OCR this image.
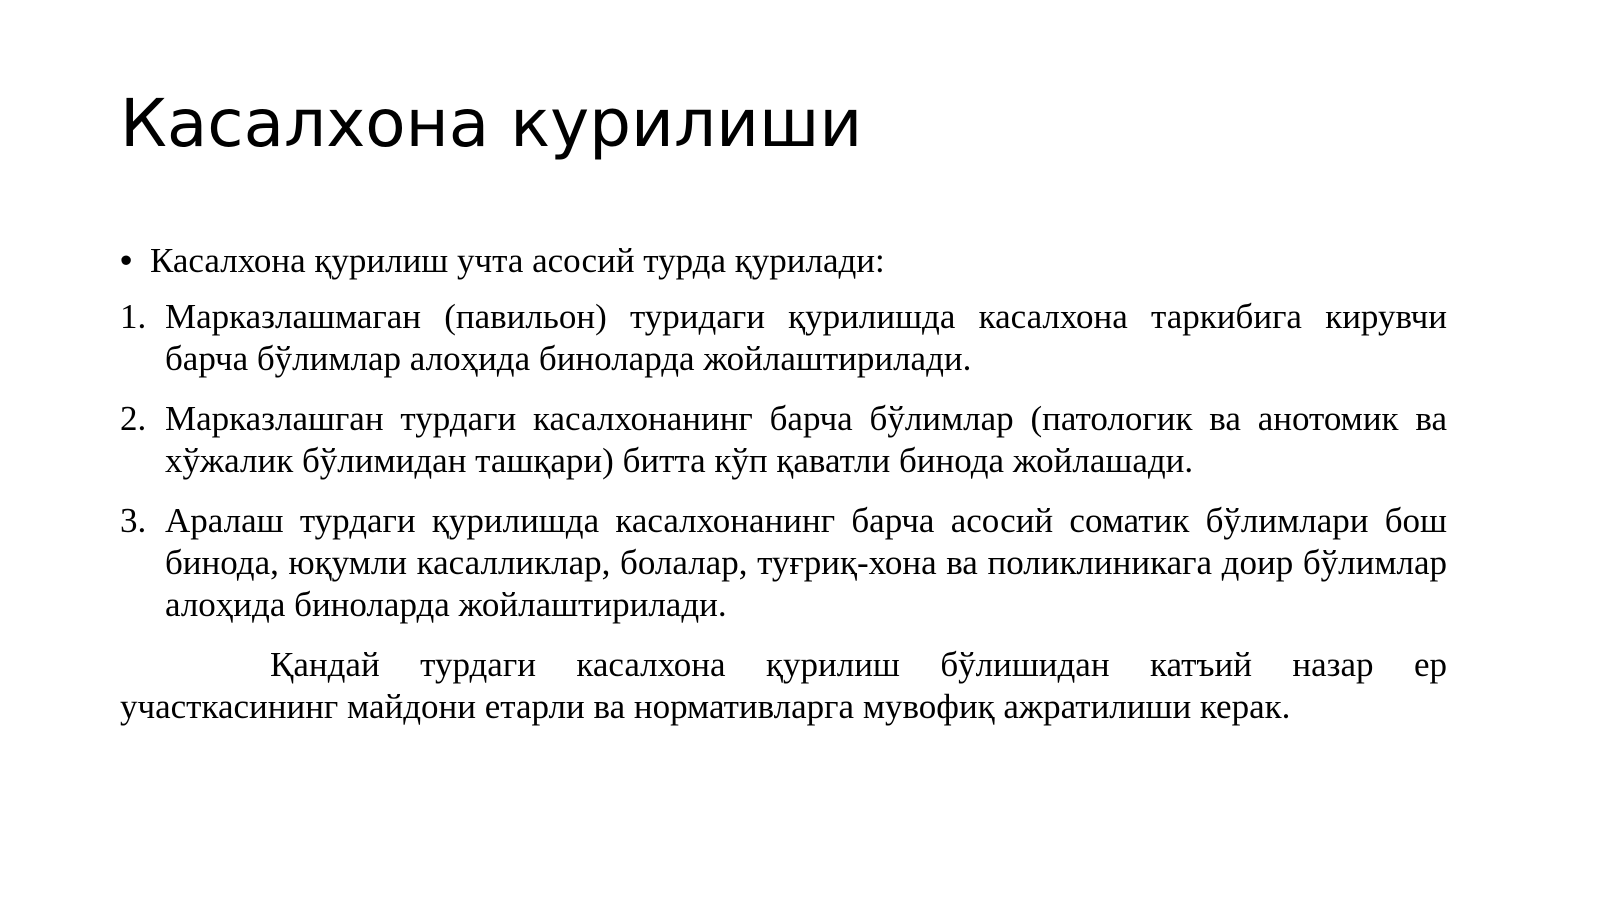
Касалхона курилиши
• Касалхона қурилиш учта асосий турда қурилади:
1. Марказлашмаган (павильон) туридаги қурилишда касалхона таркибига кирувчи барча бўлимлар алоҳида биноларда жойлаштирилади.
2. Марказлашган турдаги касалхонанинг барча бўлимлар (патологик ва анотомик ва хўжалик бўлимидан ташқари) битта кўп қаватли бинода жойлашади.
3. Аралаш турдаги қурилишда касалхонанинг барча асосий соматик бўлимлари бош бинода, юқумли касалликлар, болалар, туғриқ-хона ва поликлиникага доир бўлимлар алоҳида биноларда жойлаштирилади.

Қандай турдаги касалхона қурилиш бўлишидан катъий назар ер участкасининг майдони етарли ва нормативларга мувофиқ ажратилиши керак.
